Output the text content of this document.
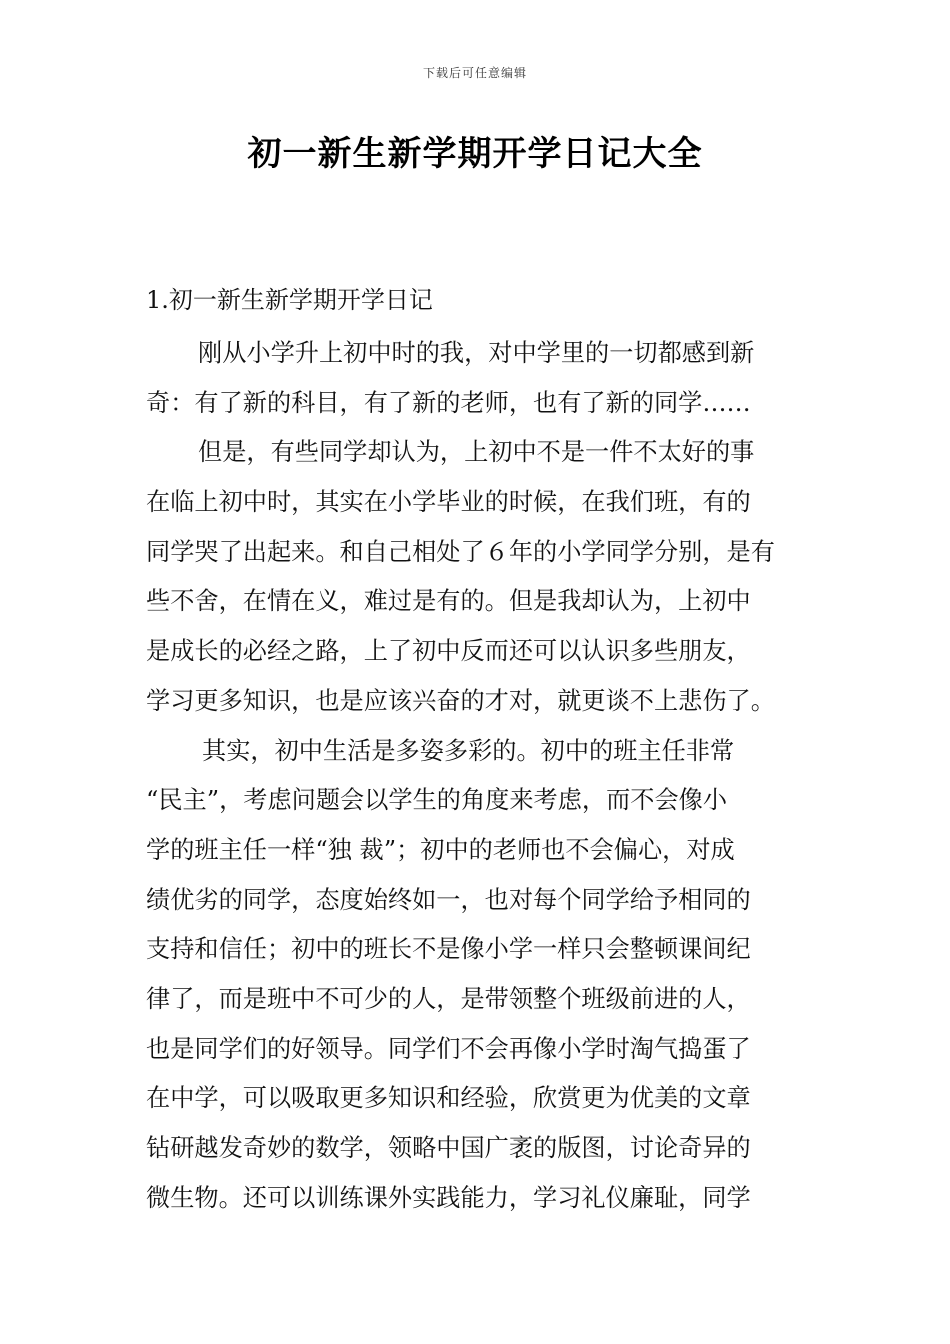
下载后可任意编辑
初一新生新学期开学日记大全

1.初一新生新学期开学日记

刚从小学升上初中时的我，对中学里的一切都感到新
奇：有了新的科目，有了新的老师，也有了新的同学……
但是，有些同学却认为，上初中不是一件不太好的事
在临上初中时，其实在小学毕业的时候，在我们班，有的
同学哭了出起来。和自己相处了６年的小学同学分别，是有
些不舍，在情在义，难过是有的。但是我却认为，上初中
是成长的必经之路，上了初中反而还可以认识多些朋友，
学习更多知识，也是应该兴奋的才对，就更谈不上悲伤了。
其实，初中生活是多姿多彩的。初中的班主任非常
“民主”，考虑问题会以学生的角度来考虑，而不会像小
学的班主任一样“独 裁”；初中的老师也不会偏心，对成
绩优劣的同学，态度始终如一，也对每个同学给予相同的
支持和信任；初中的班长不是像小学一样只会整顿课间纪
律了，而是班中不可少的人，是带领整个班级前进的人，
也是同学们的好领导。同学们不会再像小学时淘气捣蛋了
在中学，可以吸取更多知识和经验，欣赏更为优美的文章
钻研越发奇妙的数学，领略中国广袤的版图，讨论奇异的
微生物。还可以训练课外实践能力，学习礼仪廉耻，同学
